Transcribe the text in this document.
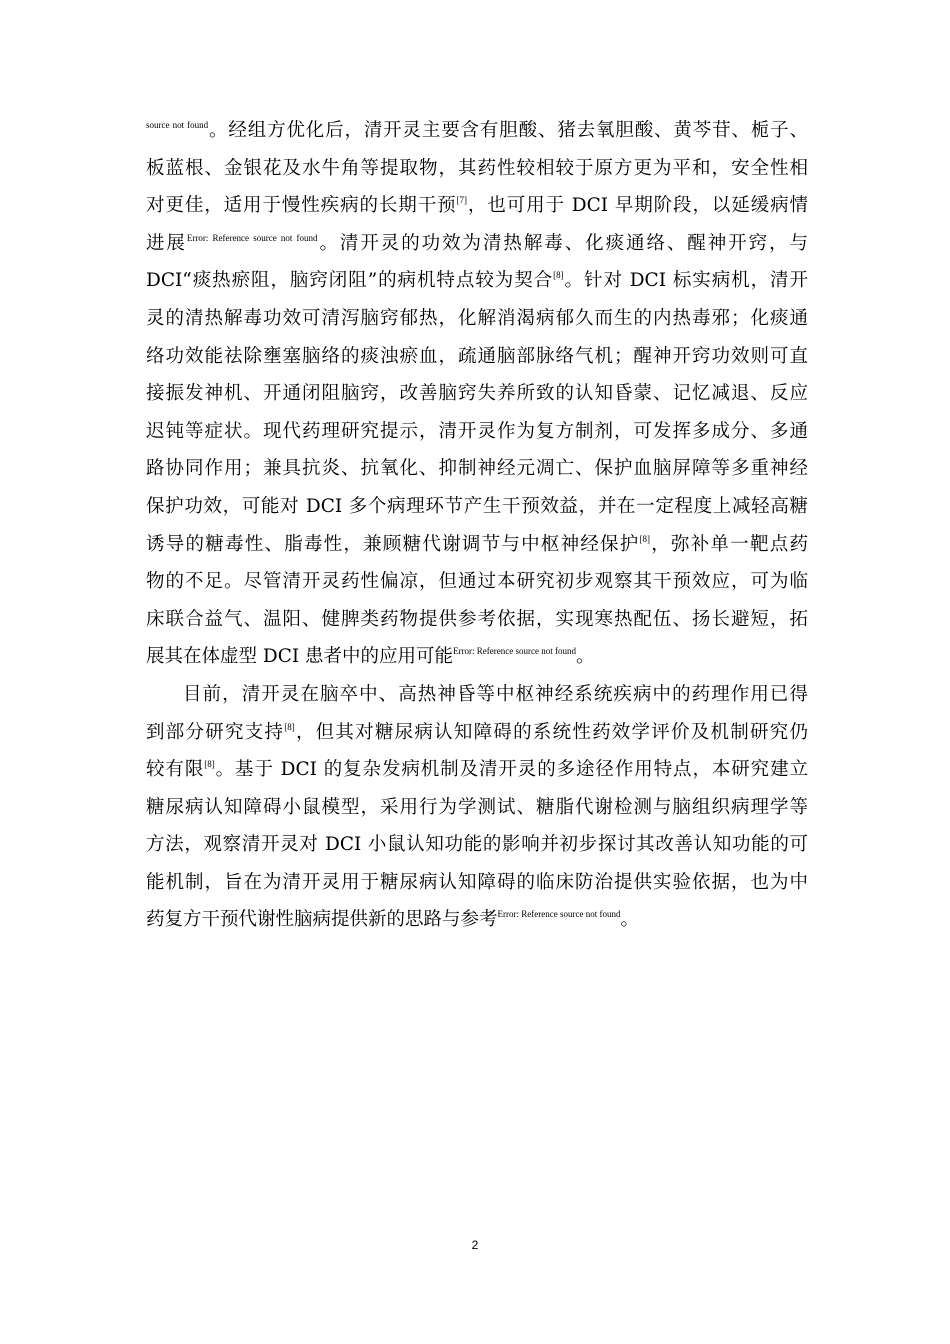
$^{source not found}$。经组方优化后，清开灵主要含有胆酸、猪去氧胆酸、黄芩苷、栀子、
板蓝根、金银花及水牛角等提取物，其药性较相较于原方更为平和，安全性相
对更佳，适用于慢性疾病的长期干预[7]，也可用于 DCI 早期阶段，以延缓病情
进展$^{Error: Reference source not found}$。清开灵的功效为清热解毒、化痰通络、醒神开窍，与
DCI“痰热瘀阻，脑窍闭阻”的病机特点较为契合[8]。针对 DCI 标实病机，清开
灵的清热解毒功效可清泻脑窍郁热，化解消渴病郁久而生的内热毒邪；化痰通
络功效能祛除壅塞脑络的痰浊瘀血，疏通脑部脉络气机；醒神开窍功效则可直
接振发神机、开通闭阻脑窍，改善脑窍失养所致的认知昏蒙、记忆减退、反应
迟钝等症状。现代药理研究提示，清开灵作为复方制剂，可发挥多成分、多通
路协同作用；兼具抗炎、抗氧化、抑制神经元凋亡、保护血脑屏障等多重神经
保护功效，可能对 DCI 多个病理环节产生干预效益，并在一定程度上减轻高糖
诱导的糖毒性、脂毒性，兼顾糖代谢调节与中枢神经保护[8]，弥补单一靶点药
物的不足。尽管清开灵药性偏凉，但通过本研究初步观察其干预效应，可为临
床联合益气、温阳、健脾类药物提供参考依据，实现寒热配伍、扬长避短，拓
展其在体虚型 DCI 患者中的应用可能$^{Error: Reference source not found}$。
目前，清开灵在脑卒中、高热神昏等中枢神经系统疾病中的药理作用已得
到部分研究支持[8]，但其对糖尿病认知障碍的系统性药效学评价及机制研究仍
较有限[8]。基于 DCI 的复杂发病机制及清开灵的多途径作用特点，本研究建立
糖尿病认知障碍小鼠模型，采用行为学测试、糖脂代谢检测与脑组织病理学等
方法，观察清开灵对 DCI 小鼠认知功能的影响并初步探讨其改善认知功能的可
能机制，旨在为清开灵用于糖尿病认知障碍的临床防治提供实验依据，也为中
药复方干预代谢性脑病提供新的思路与参考$^{Error: Reference source not found}$。
2
